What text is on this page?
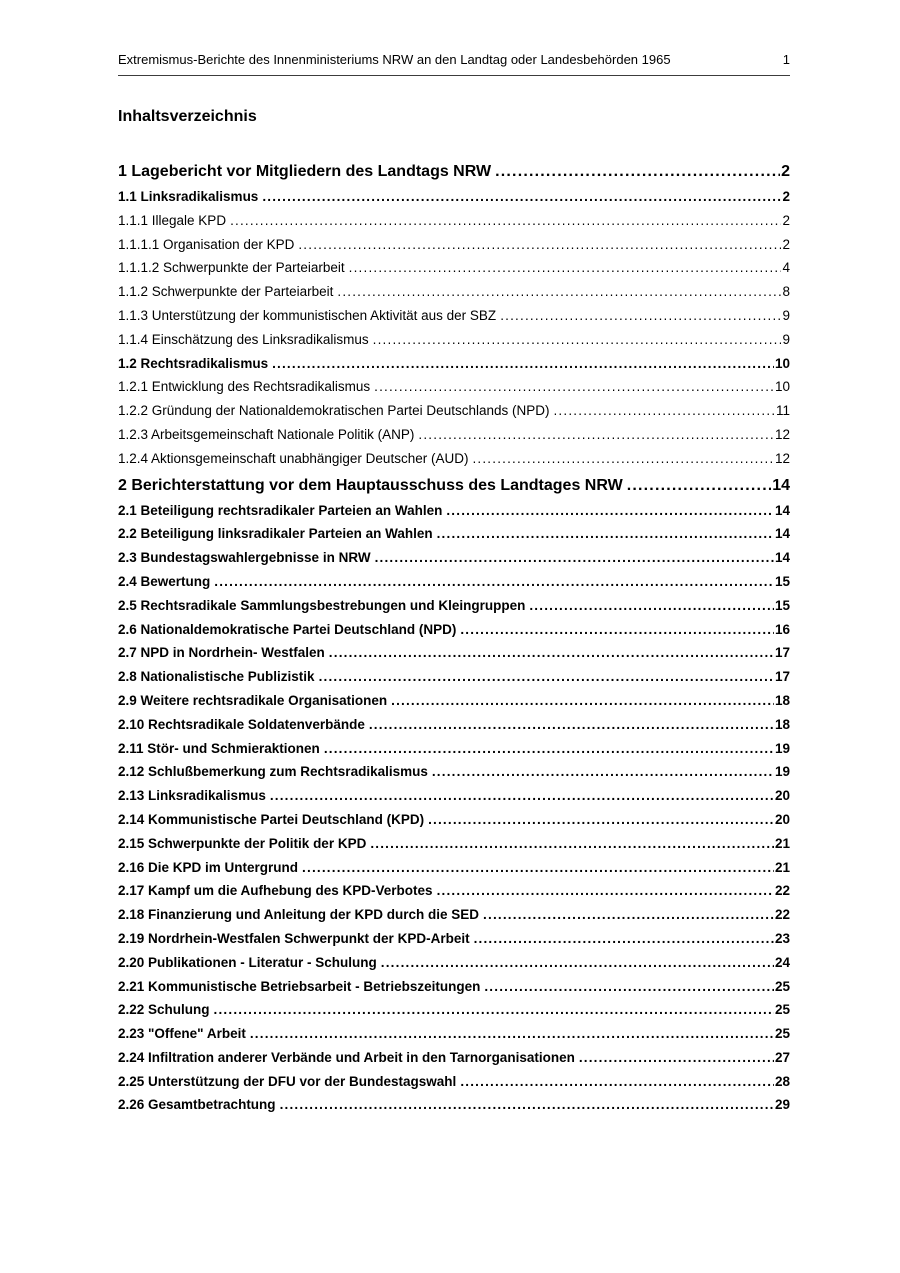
Extremismus-Berichte des Innenministeriums NRW an den Landtag oder Landesbehörden 1965	1
Inhaltsverzeichnis
1 Lagebericht vor Mitgliedern des Landtags NRW .....	2
1.1 Linksradikalismus .....	2
1.1.1 Illegale KPD .....	2
1.1.1.1 Organisation der KPD .....	2
1.1.1.2 Schwerpunkte der Parteiarbeit .....	4
1.1.2 Schwerpunkte der Parteiarbeit .....	8
1.1.3 Unterstützung der kommunistischen Aktivität aus der SBZ .....	9
1.1.4 Einschätzung des Linksradikalismus .....	9
1.2 Rechtsradikalismus .....	10
1.2.1 Entwicklung des Rechtsradikalismus .....	10
1.2.2 Gründung der Nationaldemokratischen Partei Deutschlands (NPD) .....	11
1.2.3 Arbeitsgemeinschaft Nationale Politik (ANP) .....	12
1.2.4 Aktionsgemeinschaft unabhängiger Deutscher (AUD) .....	12
2 Berichterstattung vor dem Hauptausschuss des Landtages NRW .....	14
2.1 Beteiligung rechtsradikaler Parteien an Wahlen .....	14
2.2 Beteiligung linksradikaler Parteien an Wahlen .....	14
2.3 Bundestagswahlergebnisse in NRW .....	14
2.4 Bewertung .....	15
2.5 Rechtsradikale Sammlungsbestrebungen und Kleingruppen .....	15
2.6 Nationaldemokratische Partei Deutschland (NPD) .....	16
2.7 NPD in Nordrhein- Westfalen .....	17
2.8 Nationalistische Publizistik .....	17
2.9 Weitere rechtsradikale Organisationen .....	18
2.10 Rechtsradikale Soldatenverbände .....	18
2.11 Stör- und Schmieraktionen .....	19
2.12 Schlußbemerkung zum Rechtsradikalismus .....	19
2.13 Linksradikalismus .....	20
2.14 Kommunistische Partei Deutschland (KPD) .....	20
2.15 Schwerpunkte der Politik der KPD .....	21
2.16 Die KPD im Untergrund .....	21
2.17 Kampf um die Aufhebung des KPD-Verbotes .....	22
2.18 Finanzierung und Anleitung der KPD durch die SED .....	22
2.19 Nordrhein-Westfalen Schwerpunkt der KPD-Arbeit .....	23
2.20 Publikationen - Literatur - Schulung .....	24
2.21 Kommunistische Betriebsarbeit - Betriebszeitungen .....	25
2.22 Schulung .....	25
2.23 "Offene" Arbeit .....	25
2.24 Infiltration anderer Verbände und Arbeit in den Tarnorganisationen .....	27
2.25 Unterstützung der DFU vor der Bundestagswahl .....	28
2.26 Gesamtbetrachtung .....	29
